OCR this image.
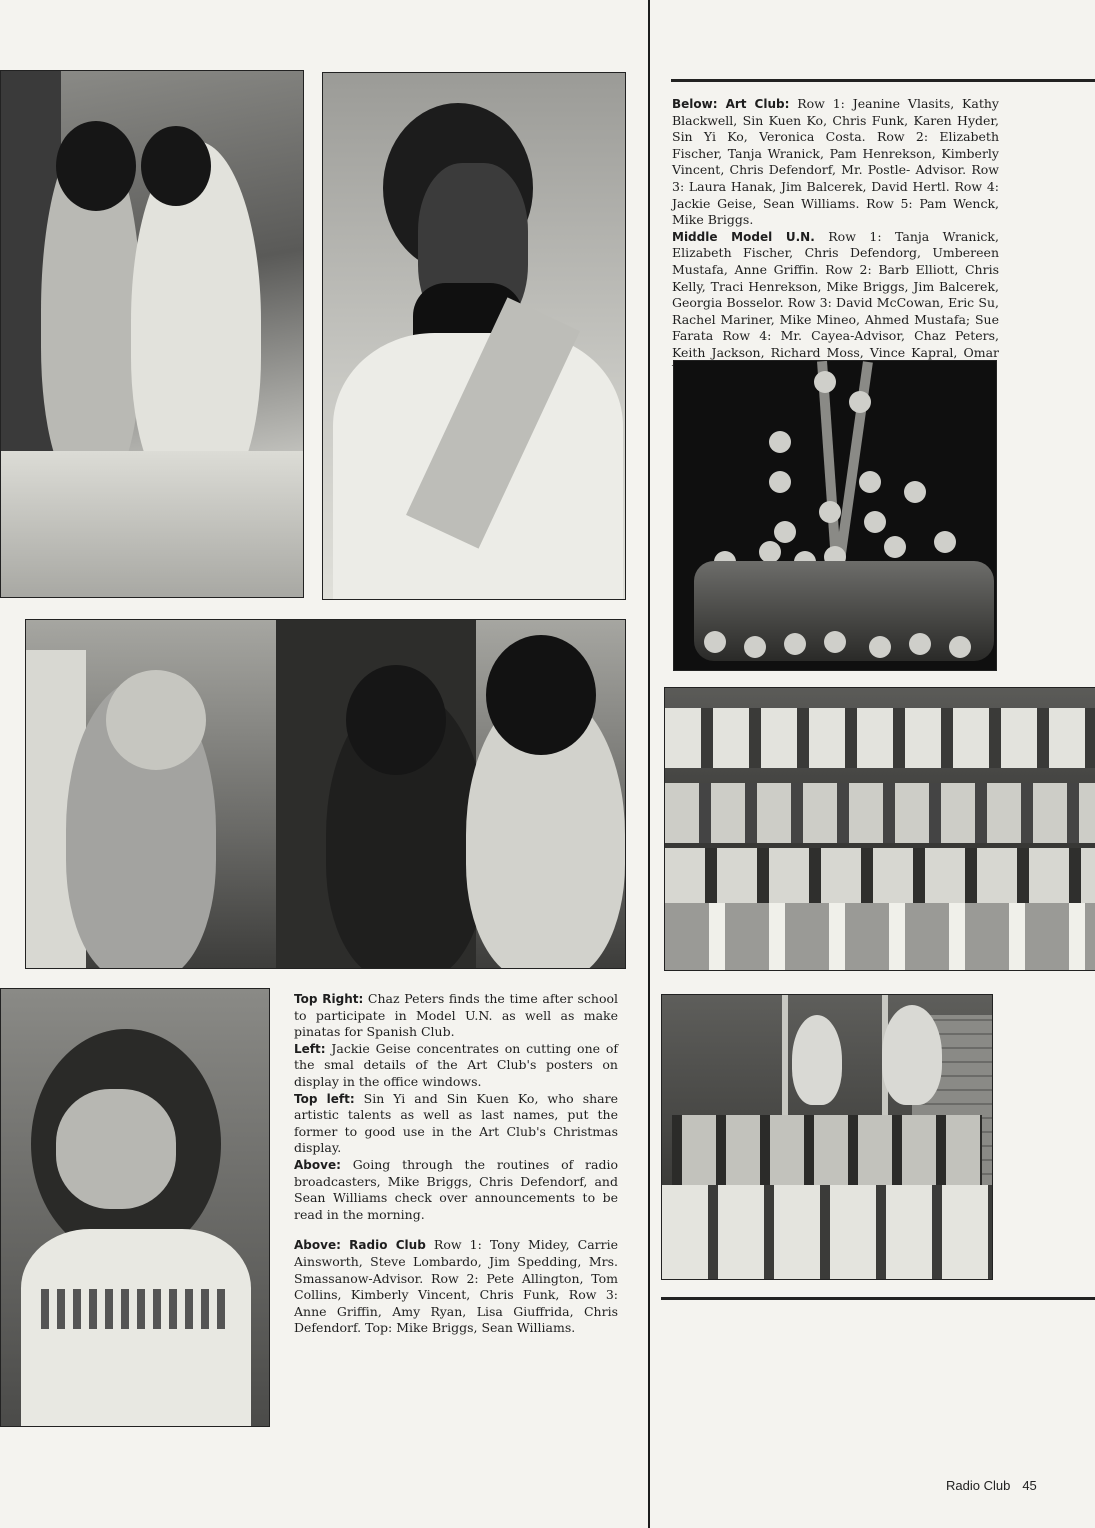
Top Right: Chaz Peters finds the time after school to participate in Model U.N. as well as make pinatas for Spanish Club.

Left: Jackie Geise concentrates on cutting one of the smal details of the Art Club's posters on display in the office windows.

Top left: Sin Yi and Sin Kuen Ko, who share artistic talents as well as last names, put the former to good use in the Art Club's Christmas display.

Above: Going through the routines of radio broadcasters, Mike Briggs, Chris Defendorf, and Sean Williams check over announcements to be read in the morning.

Above: Radio Club Row 1: Tony Midey, Carrie Ainsworth, Steve Lombardo, Jim Spedding, Mrs. Smassanow-Advisor. Row 2: Pete Allington, Tom Collins, Kimberly Vincent, Chris Funk, Row 3: Anne Griffin, Amy Ryan, Lisa Giuffrida, Chris Defendorf. Top: Mike Briggs, Sean Williams.

Below: Art Club: Row 1: Jeanine Vlasits, Kathy Blackwell, Sin Kuen Ko, Chris Funk, Karen Hyder, Sin Yi Ko, Veronica Costa. Row 2: Elizabeth Fischer, Tanja Wranick, Pam Henrekson, Kimberly Vincent, Chris Defendorf, Mr. Postle- Advisor. Row 3: Laura Hanak, Jim Balcerek, David Hertl. Row 4: Jackie Geise, Sean Williams. Row 5: Pam Wenck, Mike Briggs.

Middle Model U.N. Row 1: Tanja Wranick, Elizabeth Fischer, Chris Defendorg, Umbereen Mustafa, Anne Griffin. Row 2: Barb Elliott, Chris Kelly, Traci Henrekson, Mike Briggs, Jim Balcerek, Georgia Bosselor. Row 3: David McCowan, Eric Su, Rachel Mariner, Mike Mineo, Ahmed Mustafa; Sue Farata Row 4: Mr. Cayea-Advisor, Chaz Peters, Keith Jackson, Richard Moss, Vince Kapral, Omar

Radio Club 45
